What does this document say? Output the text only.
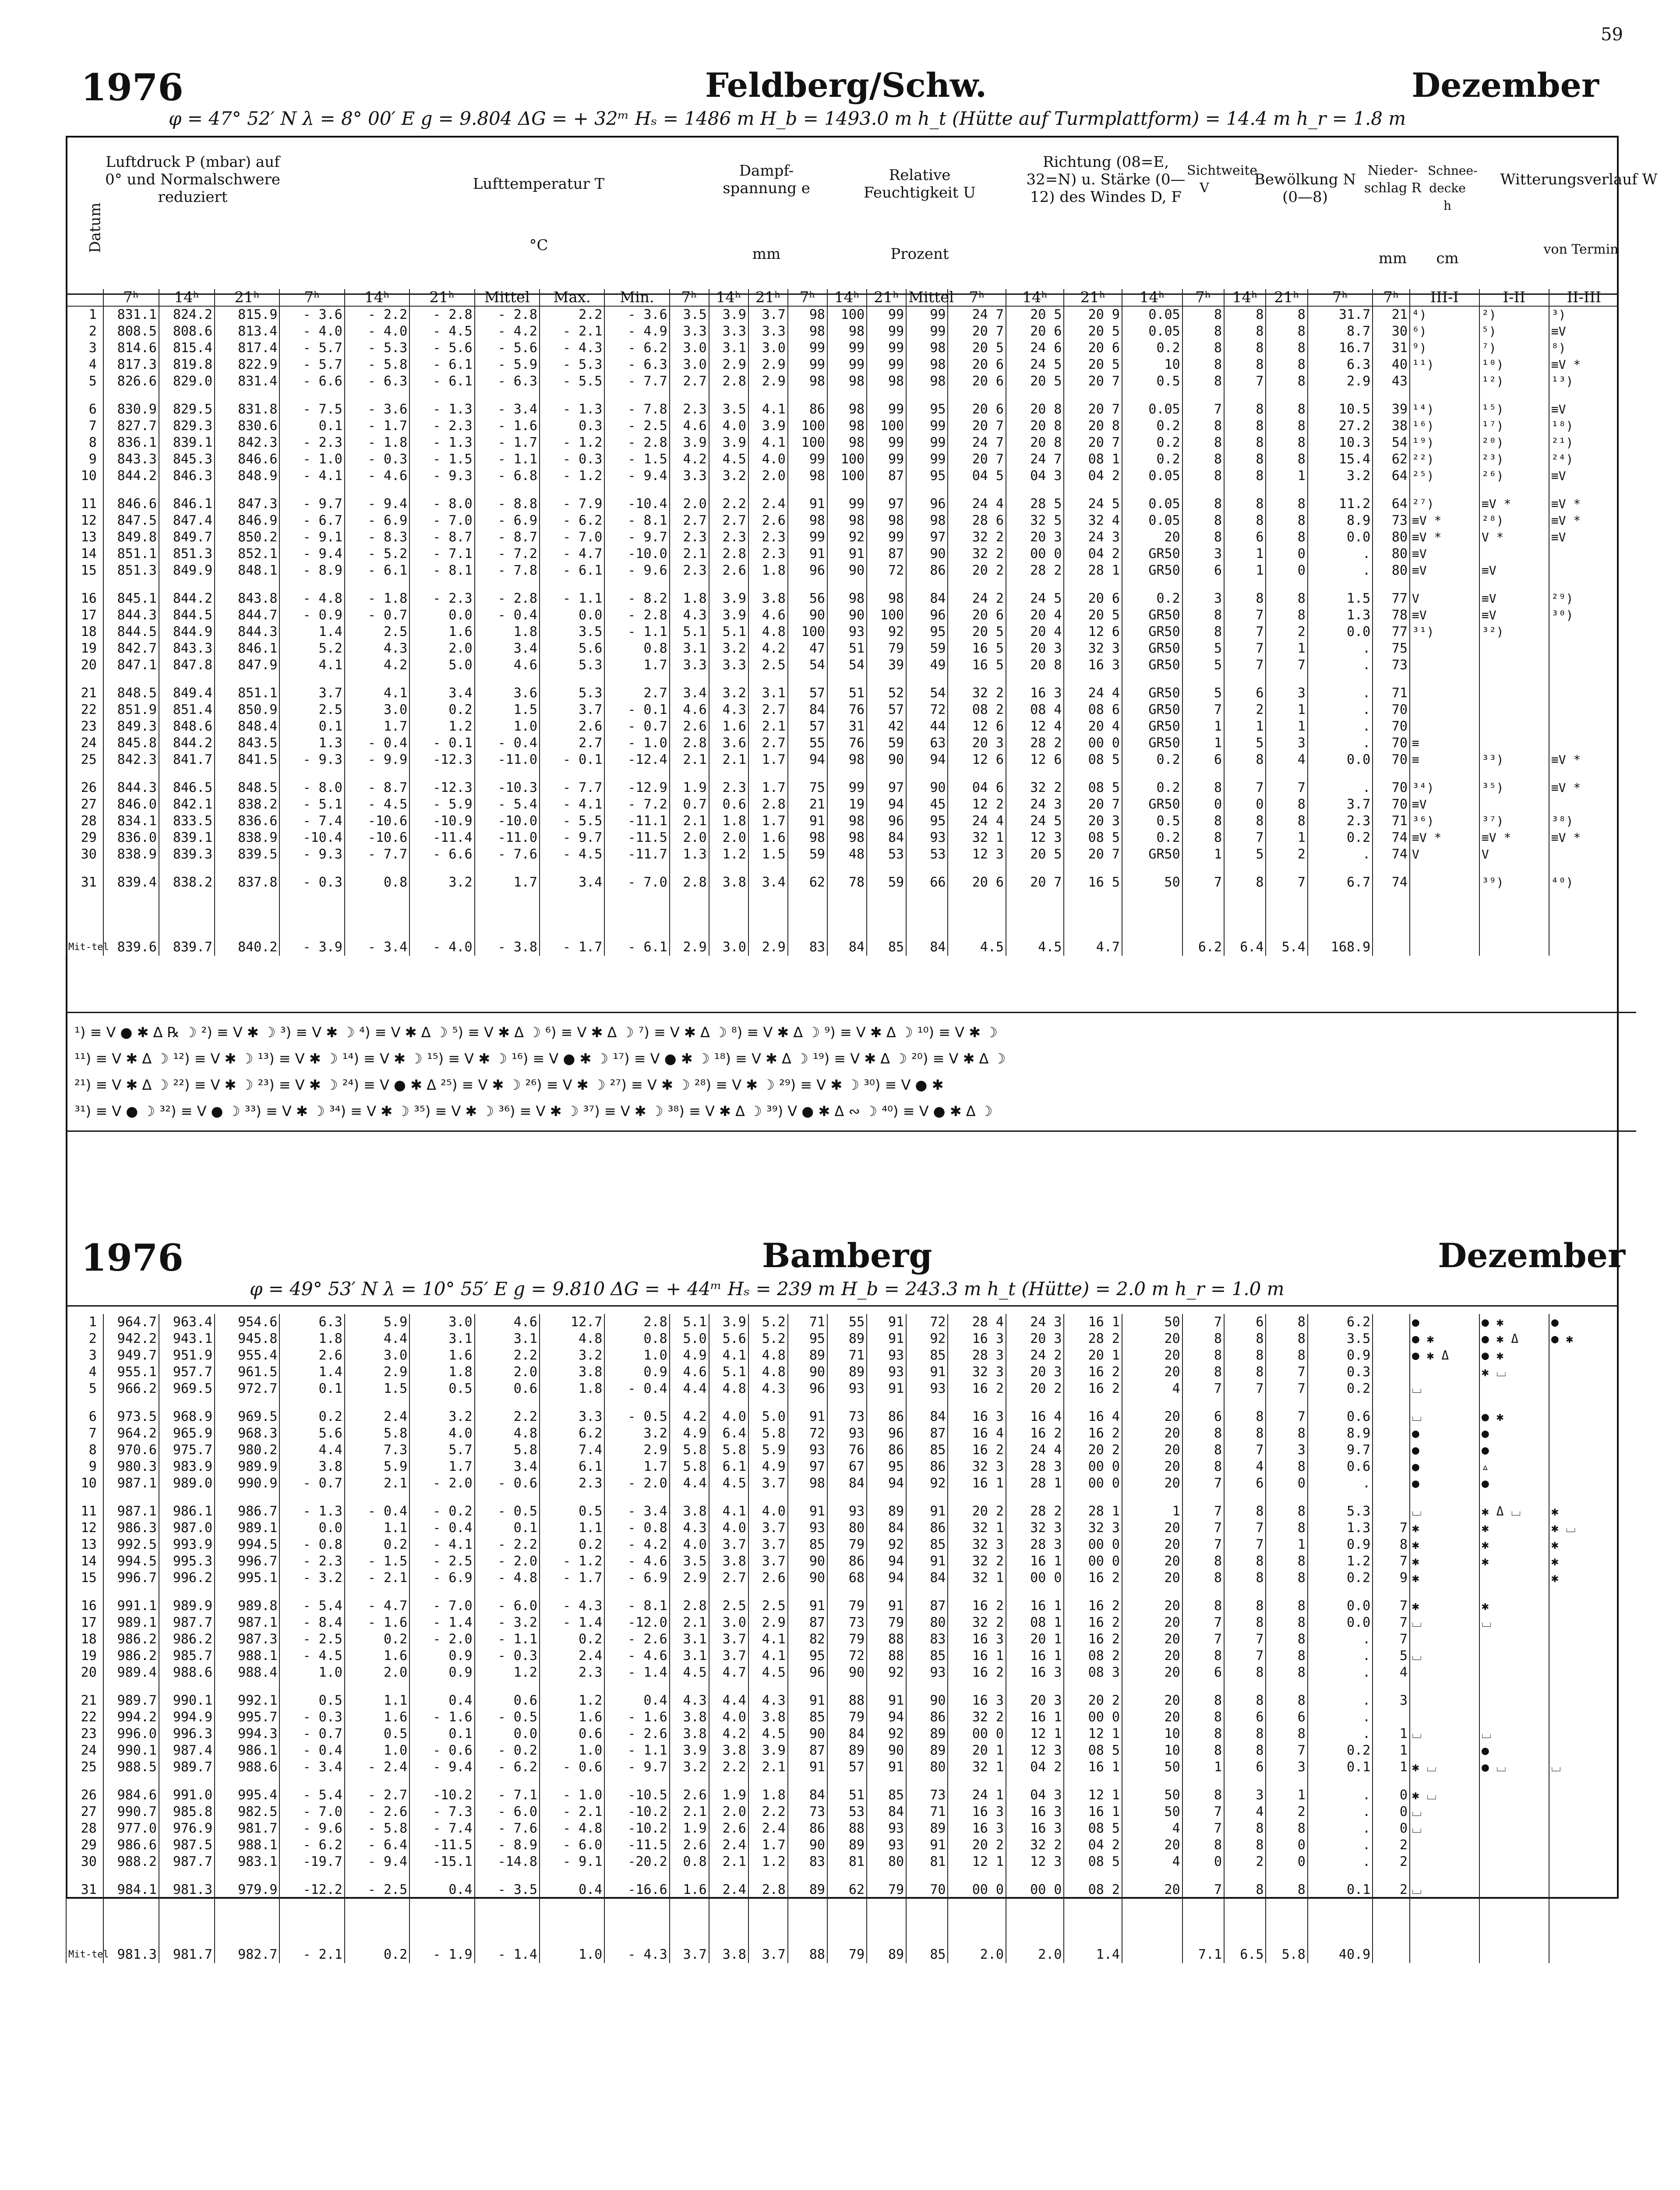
59
1976	Feldberg/Schw.	Dezember
φ = 47° 52′ N λ = 8° 00′ E g = 9.804 ΔG = + 32ᵐ Hₛ = 1486 m H_b = 1493.0 m h_t (Hütte auf Turmplattform) = 14.4 m h_r = 1.8 m
Datum
Luftdruck P (mbar) auf 0° und Normalschwere reduziert
Lufttemperatur T
°C
Dampf-spannung e
mm
Relative Feuchtigkeit U
Prozent
Richtung (08=E, 32=N) u. Stärke (0—12) des Windes D, F
Sichtweite V	Bewölkung N (0—8)
Nieder-schlag R
mm
Schnee-decke h
cm
Witterungsverlauf W
von Termin
	7ʰ	14ʰ	21ʰ	7ʰ	14ʰ	21ʰ	Mittel	Max.	Min.	7ʰ	14ʰ	21ʰ	7ʰ	14ʰ	21ʰ	Mittel	7ʰ	14ʰ	21ʰ	14ʰ	7ʰ	14ʰ	21ʰ	7ʰ	7ʰ	III-I	I-II	II-III
1	831.1	824.2	815.9	- 3.6	- 2.2	- 2.8	- 2.8	2.2	- 3.6	3.5	3.9	3.7	98	100	99	99	24 7	20 5	20 9	0.05	8	8	8	31.7	21	⁴)	²)	³)
2	808.5	808.6	813.4	- 4.0	- 4.0	- 4.5	- 4.2	- 2.1	- 4.9	3.3	3.3	3.3	98	98	99	99	20 7	20 6	20 5	0.05	8	8	8	8.7	30	⁶)	⁵)	≡V
3	814.6	815.4	817.4	- 5.7	- 5.3	- 5.6	- 5.6	- 4.3	- 6.2	3.0	3.1	3.0	99	99	99	98	20 5	24 6	20 6	0.2	8	8	8	16.7	31	⁹)	⁷)	⁸)
4	817.3	819.8	822.9	- 5.7	- 5.8	- 6.1	- 5.9	- 5.3	- 6.3	3.0	2.9	2.9	99	99	99	98	20 6	24 5	20 5	10	8	8	8	6.3	40	¹¹)	¹⁰)	≡V *
5	826.6	829.0	831.4	- 6.6	- 6.3	- 6.1	- 6.3	- 5.5	- 7.7	2.7	2.8	2.9	98	98	98	98	20 6	20 5	20 7	0.5	8	7	8	2.9	43		¹²)	¹³)

6	830.9	829.5	831.8	- 7.5	- 3.6	- 1.3	- 3.4	- 1.3	- 7.8	2.3	3.5	4.1	86	98	99	95	20 6	20 8	20 7	0.05	7	8	8	10.5	39	¹⁴)	¹⁵)	≡V
7	827.7	829.3	830.6	0.1	- 1.7	- 2.3	- 1.6	0.3	- 2.5	4.6	4.0	3.9	100	98	100	99	20 7	20 8	20 8	0.2	8	8	8	27.2	38	¹⁶)	¹⁷)	¹⁸)
8	836.1	839.1	842.3	- 2.3	- 1.8	- 1.3	- 1.7	- 1.2	- 2.8	3.9	3.9	4.1	100	98	99	99	24 7	20 8	20 7	0.2	8	8	8	10.3	54	¹⁹)	²⁰)	²¹)
9	843.3	845.3	846.6	- 1.0	- 0.3	- 1.5	- 1.1	- 0.3	- 1.5	4.2	4.5	4.0	99	100	99	99	20 7	24 7	08 1	0.2	8	8	8	15.4	62	²²)	²³)	²⁴)
10	844.2	846.3	848.9	- 4.1	- 4.6	- 9.3	- 6.8	- 1.2	- 9.4	3.3	3.2	2.0	98	100	87	95	04 5	04 3	04 2	0.05	8	8	1	3.2	64	²⁵)	²⁶)	≡V

11	846.6	846.1	847.3	- 9.7	- 9.4	- 8.0	- 8.8	- 7.9	-10.4	2.0	2.2	2.4	91	99	97	96	24 4	28 5	24 5	0.05	8	8	8	11.2	64	²⁷)	≡V *	≡V *
12	847.5	847.4	846.9	- 6.7	- 6.9	- 7.0	- 6.9	- 6.2	- 8.1	2.7	2.7	2.6	98	98	98	98	28 6	32 5	32 4	0.05	8	8	8	8.9	73	≡V *	²⁸)	≡V *
13	849.8	849.7	850.2	- 9.1	- 8.3	- 8.7	- 8.7	- 7.0	- 9.7	2.3	2.3	2.3	99	92	99	97	32 2	20 3	24 3	20	8	6	8	0.0	80	≡V *	V *	≡V
14	851.1	851.3	852.1	- 9.4	- 5.2	- 7.1	- 7.2	- 4.7	-10.0	2.1	2.8	2.3	91	91	87	90	32 2	00 0	04 2	GR50	3	1	0	.	80	≡V		
15	851.3	849.9	848.1	- 8.9	- 6.1	- 8.1	- 7.8	- 6.1	- 9.6	2.3	2.6	1.8	96	90	72	86	20 2	28 2	28 1	GR50	6	1	0	.	80	≡V	≡V	

16	845.1	844.2	843.8	- 4.8	- 1.8	- 2.3	- 2.8	- 1.1	- 8.2	1.8	3.9	3.8	56	98	98	84	24 2	24 5	20 6	0.2	3	8	8	1.5	77	V	≡V	²⁹)
17	844.3	844.5	844.7	- 0.9	- 0.7	0.0	- 0.4	0.0	- 2.8	4.3	3.9	4.6	90	90	100	96	20 6	20 4	20 5	GR50	8	7	8	1.3	78	≡V	≡V	³⁰)
18	844.5	844.9	844.3	1.4	2.5	1.6	1.8	3.5	- 1.1	5.1	5.1	4.8	100	93	92	95	20 5	20 4	12 6	GR50	8	7	2	0.0	77	³¹)	³²)	
19	842.7	843.3	846.1	5.2	4.3	2.0	3.4	5.6	0.8	3.1	3.2	4.2	47	51	79	59	16 5	20 3	32 3	GR50	5	7	1	.	75			
20	847.1	847.8	847.9	4.1	4.2	5.0	4.6	5.3	1.7	3.3	3.3	2.5	54	54	39	49	16 5	20 8	16 3	GR50	5	7	7	.	73			

21	848.5	849.4	851.1	3.7	4.1	3.4	3.6	5.3	2.7	3.4	3.2	3.1	57	51	52	54	32 2	16 3	24 4	GR50	5	6	3	.	71			
22	851.9	851.4	850.9	2.5	3.0	0.2	1.5	3.7	- 0.1	4.6	4.3	2.7	84	76	57	72	08 2	08 4	08 6	GR50	7	2	1	.	70			
23	849.3	848.6	848.4	0.1	1.7	1.2	1.0	2.6	- 0.7	2.6	1.6	2.1	57	31	42	44	12 6	12 4	20 4	GR50	1	1	1	.	70			
24	845.8	844.2	843.5	1.3	- 0.4	- 0.1	- 0.4	2.7	- 1.0	2.8	3.6	2.7	55	76	59	63	20 3	28 2	00 0	GR50	1	5	3	.	70	≡		
25	842.3	841.7	841.5	- 9.3	- 9.9	-12.3	-11.0	- 0.1	-12.4	2.1	2.1	1.7	94	98	90	94	12 6	12 6	08 5	0.2	6	8	4	0.0	70	≡	³³)	≡V *

26	844.3	846.5	848.5	- 8.0	- 8.7	-12.3	-10.3	- 7.7	-12.9	1.9	2.3	1.7	75	99	97	90	04 6	32 2	08 5	0.2	8	7	7	.	70	³⁴)	³⁵)	≡V *
27	846.0	842.1	838.2	- 5.1	- 4.5	- 5.9	- 5.4	- 4.1	- 7.2	0.7	0.6	2.8	21	19	94	45	12 2	24 3	20 7	GR50	0	0	8	3.7	70	≡V		
28	834.1	833.5	836.6	- 7.4	-10.6	-10.9	-10.0	- 5.5	-11.1	2.1	1.8	1.7	91	98	96	95	24 4	24 5	20 3	0.5	8	8	8	2.3	71	³⁶)	³⁷)	³⁸)
29	836.0	839.1	838.9	-10.4	-10.6	-11.4	-11.0	- 9.7	-11.5	2.0	2.0	1.6	98	98	84	93	32 1	12 3	08 5	0.2	8	7	1	0.2	74	≡V *	≡V *	≡V *
30	838.9	839.3	839.5	- 9.3	- 7.7	- 6.6	- 7.6	- 4.5	-11.7	1.3	1.2	1.5	59	48	53	53	12 3	20 5	20 7	GR50	1	5	2	.	74	V	V	

31	839.4	838.2	837.8	- 0.3	0.8	3.2	1.7	3.4	- 7.0	2.8	3.8	3.4	62	78	59	66	20 6	20 7	16 5	50	7	8	7	6.7	74		³⁹)	⁴⁰)

Mit-tel	839.6	839.7	840.2	- 3.9	- 3.4	- 4.0	- 3.8	- 1.7	- 6.1	2.9	3.0	2.9	83	84	85	84	4.5	4.5	4.7		6.2	6.4	5.4	168.9				
¹) ≡ V ● ✱ Δ ℞ ☽ ²) ≡ V ✱ ☽ ³) ≡ V ✱ ☽ ⁴) ≡ V ✱ Δ ☽ ⁵) ≡ V ✱ Δ ☽ ⁶) ≡ V ✱ Δ ☽ ⁷) ≡ V ✱ Δ ☽ ⁸) ≡ V ✱ Δ ☽ ⁹) ≡ V ✱ Δ ☽ ¹⁰) ≡ V ✱ ☽
¹¹) ≡ V ✱ Δ ☽ ¹²) ≡ V ✱ ☽ ¹³) ≡ V ✱ ☽ ¹⁴) ≡ V ✱ ☽ ¹⁵) ≡ V ✱ ☽ ¹⁶) ≡ V ● ✱ ☽ ¹⁷) ≡ V ● ✱ ☽ ¹⁸) ≡ V ✱ Δ ☽ ¹⁹) ≡ V ✱ Δ ☽ ²⁰) ≡ V ✱ Δ ☽
²¹) ≡ V ✱ Δ ☽ ²²) ≡ V ✱ ☽ ²³) ≡ V ✱ ☽ ²⁴) ≡ V ● ✱ Δ ²⁵) ≡ V ✱ ☽ ²⁶) ≡ V ✱ ☽ ²⁷) ≡ V ✱ ☽ ²⁸) ≡ V ✱ ☽ ²⁹) ≡ V ✱ ☽ ³⁰) ≡ V ● ✱
³¹) ≡ V ● ☽ ³²) ≡ V ● ☽ ³³) ≡ V ✱ ☽ ³⁴) ≡ V ✱ ☽ ³⁵) ≡ V ✱ ☽ ³⁶) ≡ V ✱ ☽ ³⁷) ≡ V ✱ ☽ ³⁸) ≡ V ✱ Δ ☽ ³⁹) V ● ✱ Δ ∾ ☽ ⁴⁰) ≡ V ● ✱ Δ ☽
1976	Bamberg	Dezember
φ = 49° 53′ N λ = 10° 55′ E g = 9.810 ΔG = + 44ᵐ Hₛ = 239 m H_b = 243.3 m h_t (Hütte) = 2.0 m h_r = 1.0 m
1	964.7	963.4	954.6	6.3	5.9	3.0	4.6	12.7	2.8	5.1	3.9	5.2	71	55	91	72	28 4	24 3	16 1	50	7	6	8	6.2		●	● ✱	●
2	942.2	943.1	945.8	1.8	4.4	3.1	3.1	4.8	0.8	5.0	5.6	5.2	95	89	91	92	16 3	20 3	28 2	20	8	8	8	3.5		● ✱	● ✱ Δ	● ✱
3	949.7	951.9	955.4	2.6	3.0	1.6	2.2	3.2	1.0	4.9	4.1	4.8	89	71	93	85	28 3	24 2	20 1	20	8	8	8	0.9		● ✱ Δ	● ✱	
4	955.1	957.7	961.5	1.4	2.9	1.8	2.0	3.8	0.9	4.6	5.1	4.8	90	89	93	91	32 3	20 3	16 2	20	8	8	7	0.3			✱ ⌴	
5	966.2	969.5	972.7	0.1	1.5	0.5	0.6	1.8	- 0.4	4.4	4.8	4.3	96	93	91	93	16 2	20 2	16 2	4	7	7	7	0.2		⌴		

6	973.5	968.9	969.5	0.2	2.4	3.2	2.2	3.3	- 0.5	4.2	4.0	5.0	91	73	86	84	16 3	16 4	16 4	20	6	8	7	0.6		⌴	● ✱	
7	964.2	965.9	968.3	5.6	5.8	4.0	4.8	6.2	3.2	4.9	6.4	5.8	72	93	96	87	16 4	16 2	16 2	20	8	8	8	8.9		●	●	
8	970.6	975.7	980.2	4.4	7.3	5.7	5.8	7.4	2.9	5.8	5.8	5.9	93	76	86	85	16 2	24 4	20 2	20	8	7	3	9.7		●	●	
9	980.3	983.9	989.9	3.8	5.9	1.7	3.4	6.1	1.7	5.8	6.1	4.9	97	67	95	86	32 3	28 3	00 0	20	8	4	8	0.6		●	▵	
10	987.1	989.0	990.9	- 0.7	2.1	- 2.0	- 0.6	2.3	- 2.0	4.4	4.5	3.7	98	84	94	92	16 1	28 1	00 0	20	7	6	0	.		●	●	

11	987.1	986.1	986.7	- 1.3	- 0.4	- 0.2	- 0.5	0.5	- 3.4	3.8	4.1	4.0	91	93	89	91	20 2	28 2	28 1	1	7	8	8	5.3		⌴	✱ Δ ⌴	✱
12	986.3	987.0	989.1	0.0	1.1	- 0.4	0.1	1.1	- 0.8	4.3	4.0	3.7	93	80	84	86	32 1	32 3	32 3	20	7	7	8	1.3	7	✱	✱	✱ ⌴
13	992.5	993.9	994.5	- 0.8	0.2	- 4.1	- 2.2	0.2	- 4.2	4.0	3.7	3.7	85	79	92	85	32 3	28 3	00 0	20	7	7	1	0.9	8	✱	✱	✱
14	994.5	995.3	996.7	- 2.3	- 1.5	- 2.5	- 2.0	- 1.2	- 4.6	3.5	3.8	3.7	90	86	94	91	32 2	16 1	00 0	20	8	8	8	1.2	7	✱	✱	✱
15	996.7	996.2	995.1	- 3.2	- 2.1	- 6.9	- 4.8	- 1.7	- 6.9	2.9	2.7	2.6	90	68	94	84	32 1	00 0	16 2	20	8	8	8	0.2	9	✱		✱

16	991.1	989.9	989.8	- 5.4	- 4.7	- 7.0	- 6.0	- 4.3	- 8.1	2.8	2.5	2.5	91	79	91	87	16 2	16 1	16 2	20	8	8	8	0.0	7	✱	✱	
17	989.1	987.7	987.1	- 8.4	- 1.6	- 1.4	- 3.2	- 1.4	-12.0	2.1	3.0	2.9	87	73	79	80	32 2	08 1	16 2	20	7	8	8	0.0	7	⌴	⌴	
18	986.2	986.2	987.3	- 2.5	0.2	- 2.0	- 1.1	0.2	- 2.6	3.1	3.7	4.1	82	79	88	83	16 3	20 1	16 2	20	7	7	8	.	7			
19	986.2	985.7	988.1	- 4.5	1.6	0.9	- 0.3	2.4	- 4.6	3.1	3.7	4.1	95	72	88	85	16 1	16 1	08 2	20	8	7	8	.	5	⌴		
20	989.4	988.6	988.4	1.0	2.0	0.9	1.2	2.3	- 1.4	4.5	4.7	4.5	96	90	92	93	16 2	16 3	08 3	20	6	8	8	.	4			

21	989.7	990.1	992.1	0.5	1.1	0.4	0.6	1.2	0.4	4.3	4.4	4.3	91	88	91	90	16 3	20 3	20 2	20	8	8	8	.	3			
22	994.2	994.9	995.7	- 0.3	1.6	- 1.6	- 0.5	1.6	- 1.6	3.8	4.0	3.8	85	79	94	86	32 2	16 1	00 0	20	8	6	6	.				
23	996.0	996.3	994.3	- 0.7	0.5	0.1	0.0	0.6	- 2.6	3.8	4.2	4.5	90	84	92	89	00 0	12 1	12 1	10	8	8	8	.	1	⌴	⌴	
24	990.1	987.4	986.1	- 0.4	1.0	- 0.6	- 0.2	1.0	- 1.1	3.9	3.8	3.9	87	89	90	89	20 1	12 3	08 5	10	8	8	7	0.2	1		●	
25	988.5	989.7	988.6	- 3.4	- 2.4	- 9.4	- 6.2	- 0.6	- 9.7	3.2	2.2	2.1	91	57	91	80	32 1	04 2	16 1	50	1	6	3	0.1	1	✱ ⌴	● ⌴	⌴

26	984.6	991.0	995.4	- 5.4	- 2.7	-10.2	- 7.1	- 1.0	-10.5	2.6	1.9	1.8	84	51	85	73	24 1	04 3	12 1	50	8	3	1	.	0	✱ ⌴		
27	990.7	985.8	982.5	- 7.0	- 2.6	- 7.3	- 6.0	- 2.1	-10.2	2.1	2.0	2.2	73	53	84	71	16 3	16 3	16 1	50	7	4	2	.	0	⌴		
28	977.0	976.9	981.7	- 9.6	- 5.8	- 7.4	- 7.6	- 4.8	-10.2	1.9	2.6	2.4	86	88	93	89	16 3	16 3	08 5	4	7	8	8	.	0	⌴		
29	986.6	987.5	988.1	- 6.2	- 6.4	-11.5	- 8.9	- 6.0	-11.5	2.6	2.4	1.7	90	89	93	91	20 2	32 2	04 2	20	8	8	0	.	2			
30	988.2	987.7	983.1	-19.7	- 9.4	-15.1	-14.8	- 9.1	-20.2	0.8	2.1	1.2	83	81	80	81	12 1	12 3	08 5	4	0	2	0	.	2			

31	984.1	981.3	979.9	-12.2	- 2.5	0.4	- 3.5	0.4	-16.6	1.6	2.4	2.8	89	62	79	70	00 0	00 0	08 2	20	7	8	8	0.1	2	⌴		

Mit-tel	981.3	981.7	982.7	- 2.1	0.2	- 1.9	- 1.4	1.0	- 4.3	3.7	3.8	3.7	88	79	89	85	2.0	2.0	1.4		7.1	6.5	5.8	40.9				
